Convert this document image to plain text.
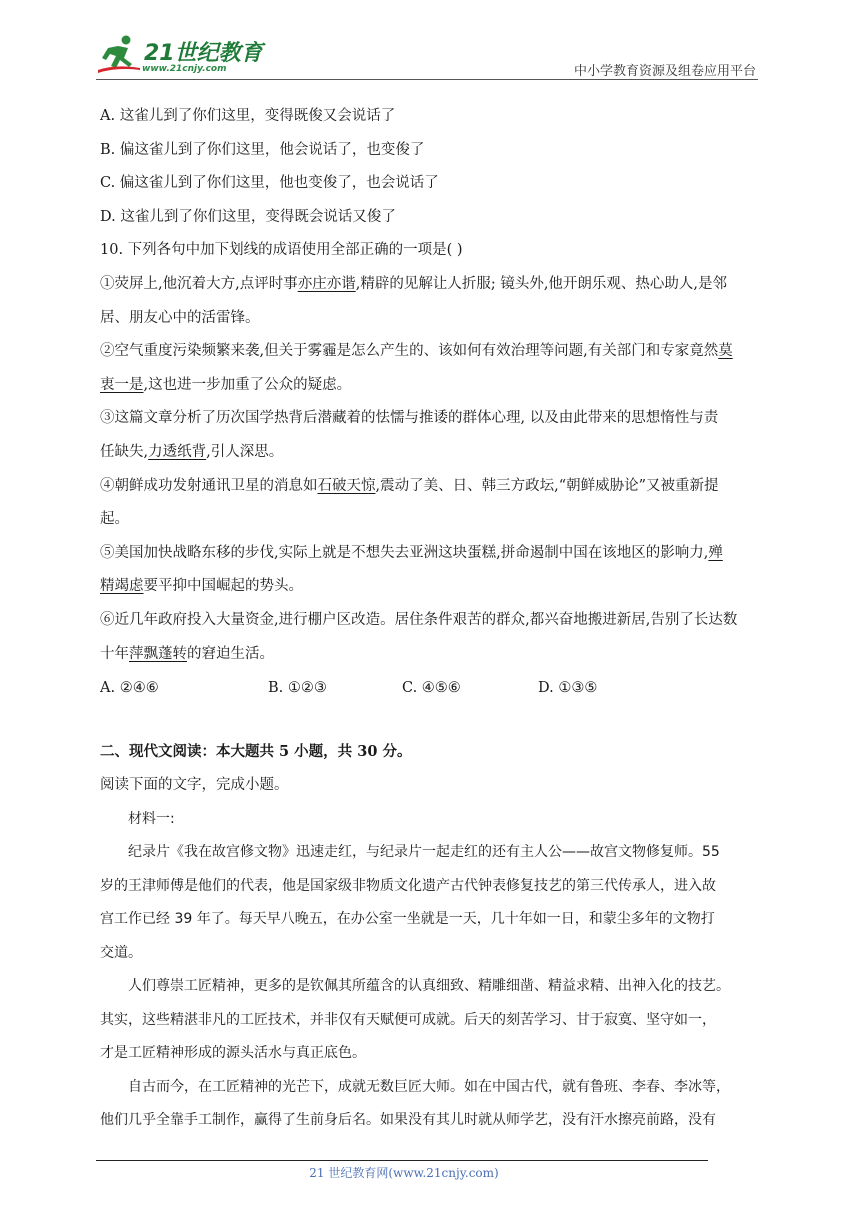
21世纪教育
www.21cnjy.com	中小学教育资源及组卷应用平台
A. 这雀儿到了你们这里，变得既俊又会说话了
B. 偏这雀儿到了你们这里，他会说话了，也变俊了
C. 偏这雀儿到了你们这里，他也变俊了，也会说话了
D. 这雀儿到了你们这里，变得既会说话又俊了
10. 下列各句中加下划线的成语使用全部正确的一项是( )
①荧屏上,他沉着大方,点评时事亦庄亦谐,精辟的见解让人折服; 镜头外,他开朗乐观、热心助人,是邻
居、朋友心中的活雷锋。
②空气重度污染频繁来袭,但关于雾霾是怎么产生的、该如何有效治理等问题,有关部门和专家竟然莫
衷一是,这也进一步加重了公众的疑虑。
③这篇文章分析了历次国学热背后潜藏着的怯懦与推诿的群体心理, 以及由此带来的思想惰性与责
任缺失,力透纸背,引人深思。
④朝鲜成功发射通讯卫星的消息如石破天惊,震动了美、日、韩三方政坛,“朝鲜威胁论”又被重新提
起。
⑤美国加快战略东移的步伐,实际上就是不想失去亚洲这块蛋糕,拼命遏制中国在该地区的影响力,殚
精竭虑要平抑中国崛起的势头。
⑥近几年政府投入大量资金,进行棚户区改造。居住条件艰苦的群众,都兴奋地搬进新居,告别了长达数
十年萍飘蓬转的窘迫生活。
A. ②④⑥	B. ①②③	C. ④⑤⑥	D. ①③⑤
二、现代文阅读：本大题共 5 小题，共 30 分。
阅读下面的文字，完成小题。
材料一:
纪录片《我在故宫修文物》迅速走红，与纪录片一起走红的还有主人公——故宫文物修复师。55
岁的王津师傅是他们的代表，他是国家级非物质文化遗产古代钟表修复技艺的第三代传承人，进入故
宫工作已经 39 年了。每天早八晚五，在办公室一坐就是一天，几十年如一日，和蒙尘多年的文物打
交道。
人们尊崇工匠精神，更多的是钦佩其所蕴含的认真细致、精雕细凿、精益求精、出神入化的技艺。
其实，这些精湛非凡的工匠技术，并非仅有天赋便可成就。后天的刻苦学习、甘于寂寞、坚守如一，
才是工匠精神形成的源头活水与真正底色。
自古而今，在工匠精神的光芒下，成就无数巨匠大师。如在中国古代，就有鲁班、李春、李冰等，
他们几乎全靠手工制作，赢得了生前身后名。如果没有其儿时就从师学艺，没有汗水擦亮前路，没有
21 世纪教育网(www.21cnjy.com)
